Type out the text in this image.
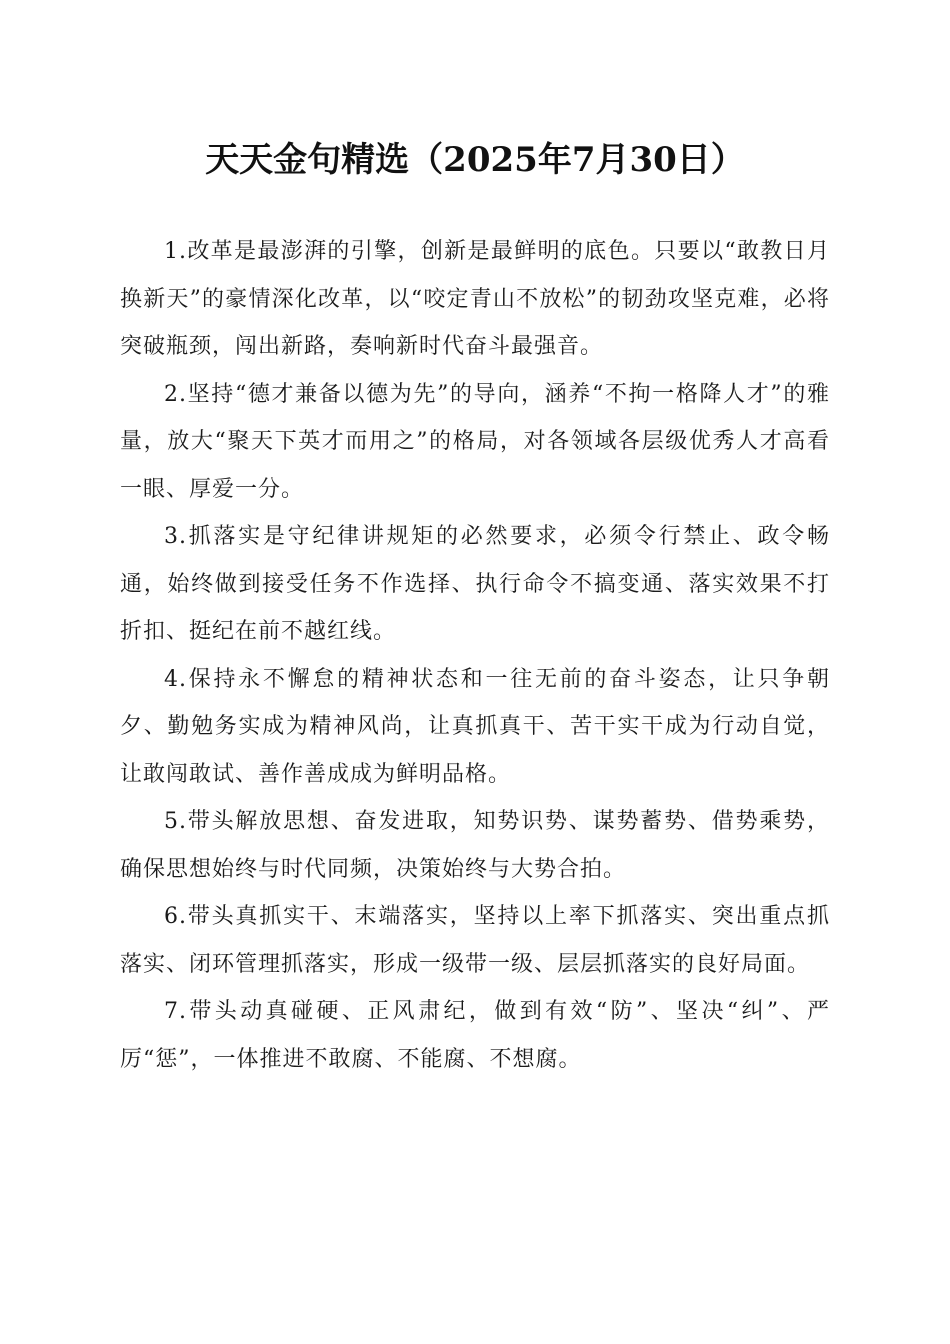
天天金句精选（2025年7月30日）

1.改革是最澎湃的引擎，创新是最鲜明的底色。只要以“敢教日月换新天”的豪情深化改革，以“咬定青山不放松”的韧劲攻坚克难，必将突破瓶颈，闯出新路，奏响新时代奋斗最强音。

2.坚持“德才兼备以德为先”的导向，涵养“不拘一格降人才”的雅量，放大“聚天下英才而用之”的格局，对各领域各层级优秀人才高看一眼、厚爱一分。

3.抓落实是守纪律讲规矩的必然要求，必须令行禁止、政令畅通，始终做到接受任务不作选择、执行命令不搞变通、落实效果不打折扣、挺纪在前不越红线。

4.保持永不懈怠的精神状态和一往无前的奋斗姿态，让只争朝夕、勤勉务实成为精神风尚，让真抓真干、苦干实干成为行动自觉，让敢闯敢试、善作善成成为鲜明品格。

5.带头解放思想、奋发进取，知势识势、谋势蓄势、借势乘势，确保思想始终与时代同频，决策始终与大势合拍。

6.带头真抓实干、末端落实，坚持以上率下抓落实、突出重点抓落实、闭环管理抓落实，形成一级带一级、层层抓落实的良好局面。

7.带头动真碰硬、正风肃纪，做到有效“防”、坚决“纠”、严厉“惩”，一体推进不敢腐、不能腐、不想腐。
